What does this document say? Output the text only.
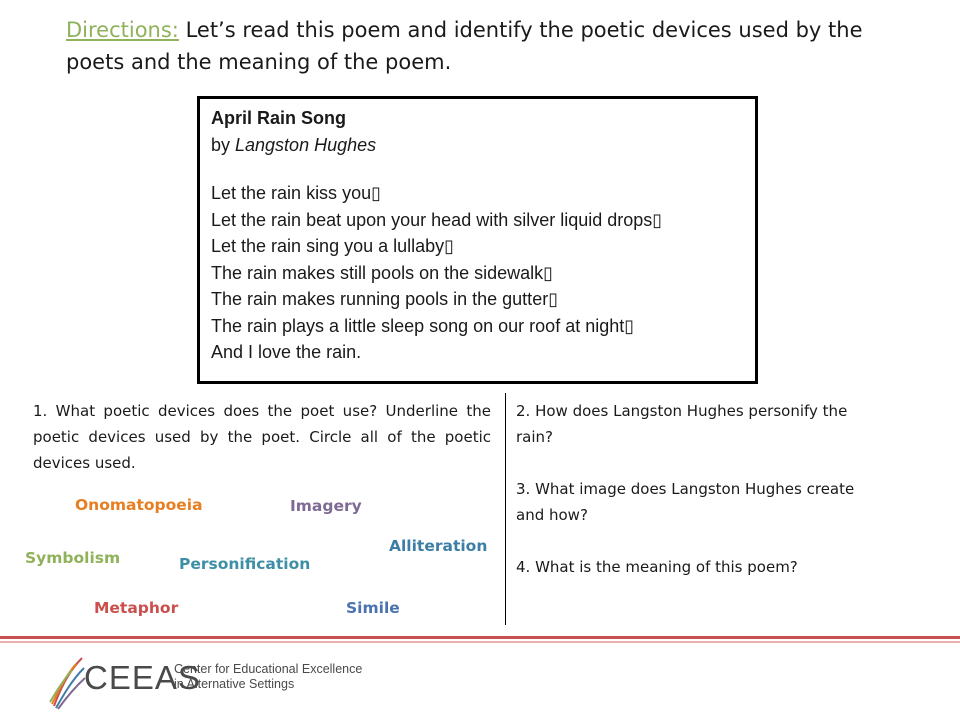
Directions: Let’s read this poem and identify the poetic devices used by the poets and the meaning of the poem.
April Rain Song
by Langston Hughes
Let the rain kiss you▯
Let the rain beat upon your head with silver liquid drops▯
Let the rain sing you a lullaby▯
The rain makes still pools on the sidewalk▯
The rain makes running pools in the gutter▯
The rain plays a little sleep song on our roof at night▯
And I love the rain.
1. What poetic devices does the poet use? Underline the poetic devices used by the poet. Circle all of the poetic devices used.

2. How does Langston Hughes personify the rain?

3. What image does Langston Hughes create and how?

4. What is the meaning of this poem?

Onomatopoeia	Imagery
Alliteration
Symbolism	Personification
Metaphor	Simile
CEEAS
Center for Educational Excellence
in Alternative Settings
